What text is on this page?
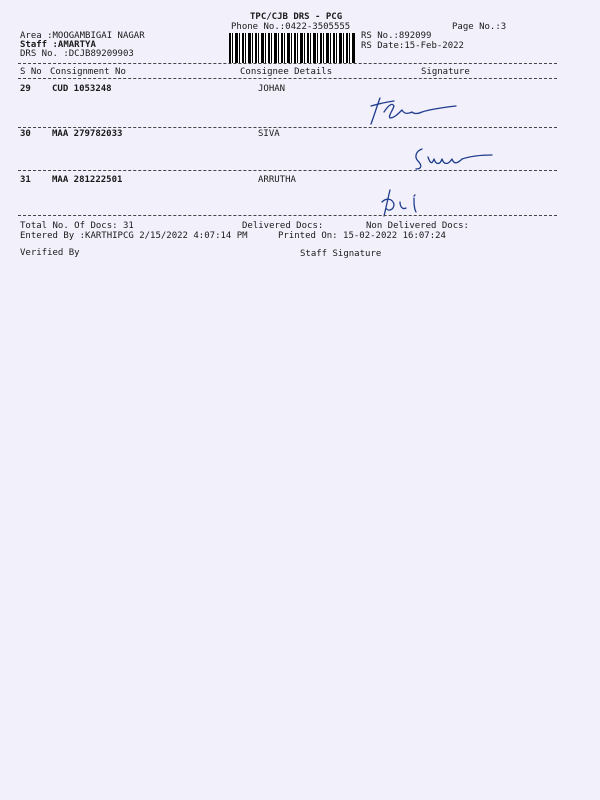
TPC/CJB DRS - PCG
Phone No.:0422-3505555	Page No.:3
Area :MOOGAMBIGAI NAGAR
Staff :AMARTYA
DRS No. :DCJB89209903
RS No.:892099
RS Date:15-Feb-2022
S No Consignment No	Consignee Details	Signature
29 CUD 1053248	JOHAN
30 MAA 279782033	SIVA
31 MAA 281222501	ARRUTHA
Total No. Of Docs: 31	Delivered Docs:	Non Delivered Docs:
Entered By :KARTHIPCG 2/15/2022 4:07:14 PM	Printed On: 15-02-2022 16:07:24
Verified By	Staff Signature
